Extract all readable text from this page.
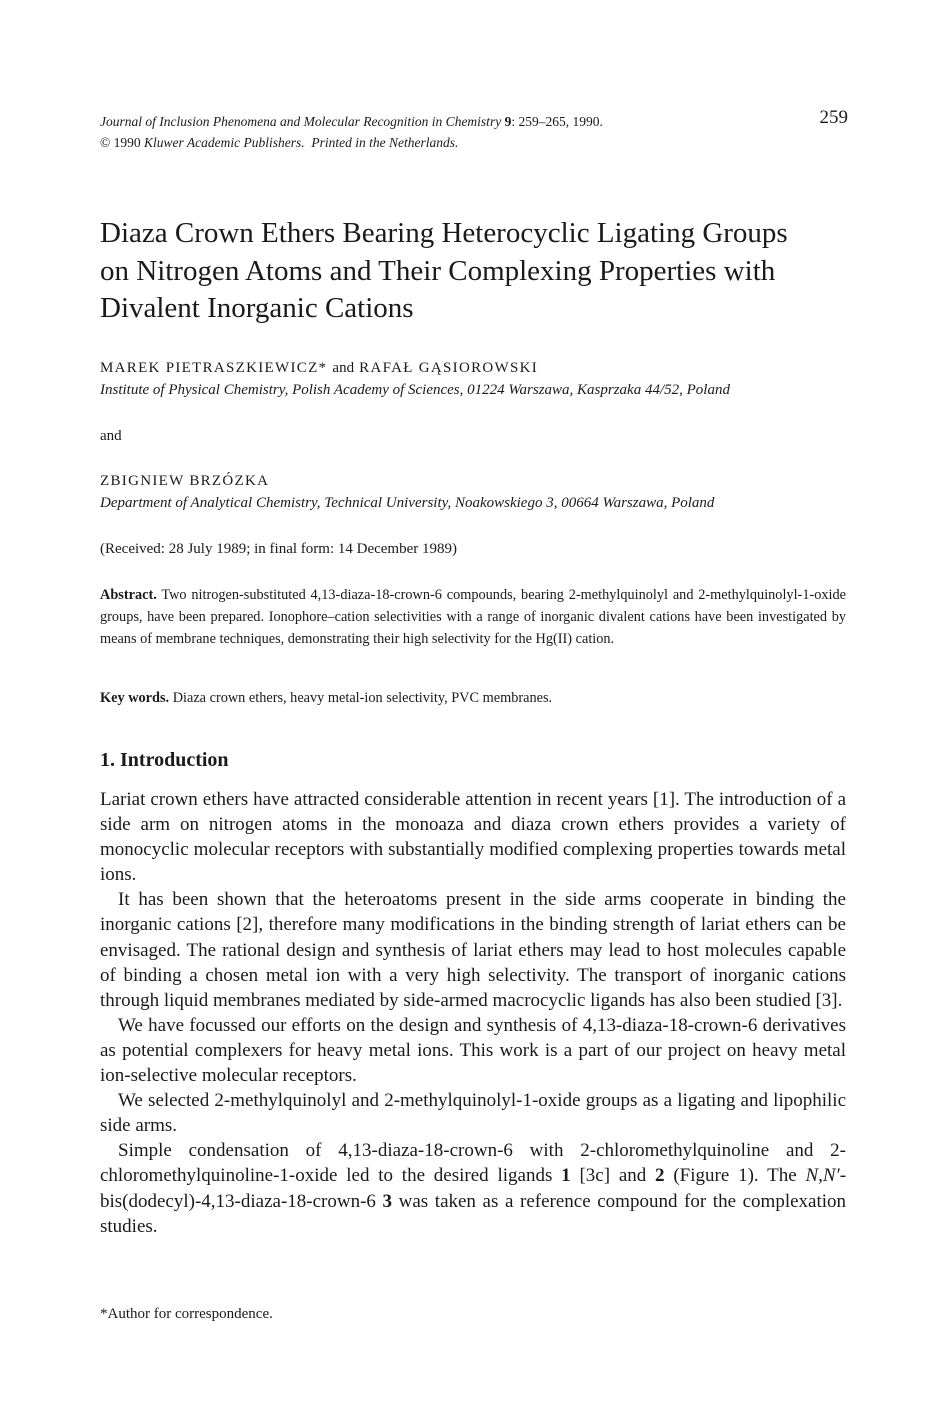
Journal of Inclusion Phenomena and Molecular Recognition in Chemistry 9: 259–265, 1990.
© 1990 Kluwer Academic Publishers. Printed in the Netherlands.
259
Diaza Crown Ethers Bearing Heterocyclic Ligating Groups
on Nitrogen Atoms and Their Complexing Properties with
Divalent Inorganic Cations
MAREK PIETRASZKIEWICZ* and RAFAŁ GĄSIOROWSKI
Institute of Physical Chemistry, Polish Academy of Sciences, 01224 Warszawa, Kasprzaka 44/52, Poland
and
ZBIGNIEW BRZÓZKA
Department of Analytical Chemistry, Technical University, Noakowskiego 3, 00664 Warszawa, Poland
(Received: 28 July 1989; in final form: 14 December 1989)
Abstract. Two nitrogen-substituted 4,13-diaza-18-crown-6 compounds, bearing 2-methylquinolyl and 2-methylquinolyl-1-oxide groups, have been prepared. Ionophore–cation selectivities with a range of inorganic divalent cations have been investigated by means of membrane techniques, demonstrating their high selectivity for the Hg(II) cation.
Key words. Diaza crown ethers, heavy metal-ion selectivity, PVC membranes.
1. Introduction

Lariat crown ethers have attracted considerable attention in recent years [1]. The introduction of a side arm on nitrogen atoms in the monoaza and diaza crown ethers provides a variety of monocyclic molecular receptors with substantially modified complexing properties towards metal ions.

It has been shown that the heteroatoms present in the side arms cooperate in binding the inorganic cations [2], therefore many modifications in the binding strength of lariat ethers can be envisaged. The rational design and synthesis of lariat ethers may lead to host molecules capable of binding a chosen metal ion with a very high selectivity. The transport of inorganic cations through liquid membranes mediated by side-armed macrocyclic ligands has also been studied [3].

We have focussed our efforts on the design and synthesis of 4,13-diaza-18-crown-6 derivatives as potential complexers for heavy metal ions. This work is a part of our project on heavy metal ion-selective molecular receptors.

We selected 2-methylquinolyl and 2-methylquinolyl-1-oxide groups as a ligating and lipophilic side arms.

Simple condensation of 4,13-diaza-18-crown-6 with 2-chloromethylquinoline and 2-chloromethylquinoline-1-oxide led to the desired ligands 1 [3c] and 2 (Figure 1). The N,N′-bis(dodecyl)-4,13-diaza-18-crown-6 3 was taken as a reference compound for the complexation studies.

*Author for correspondence.
